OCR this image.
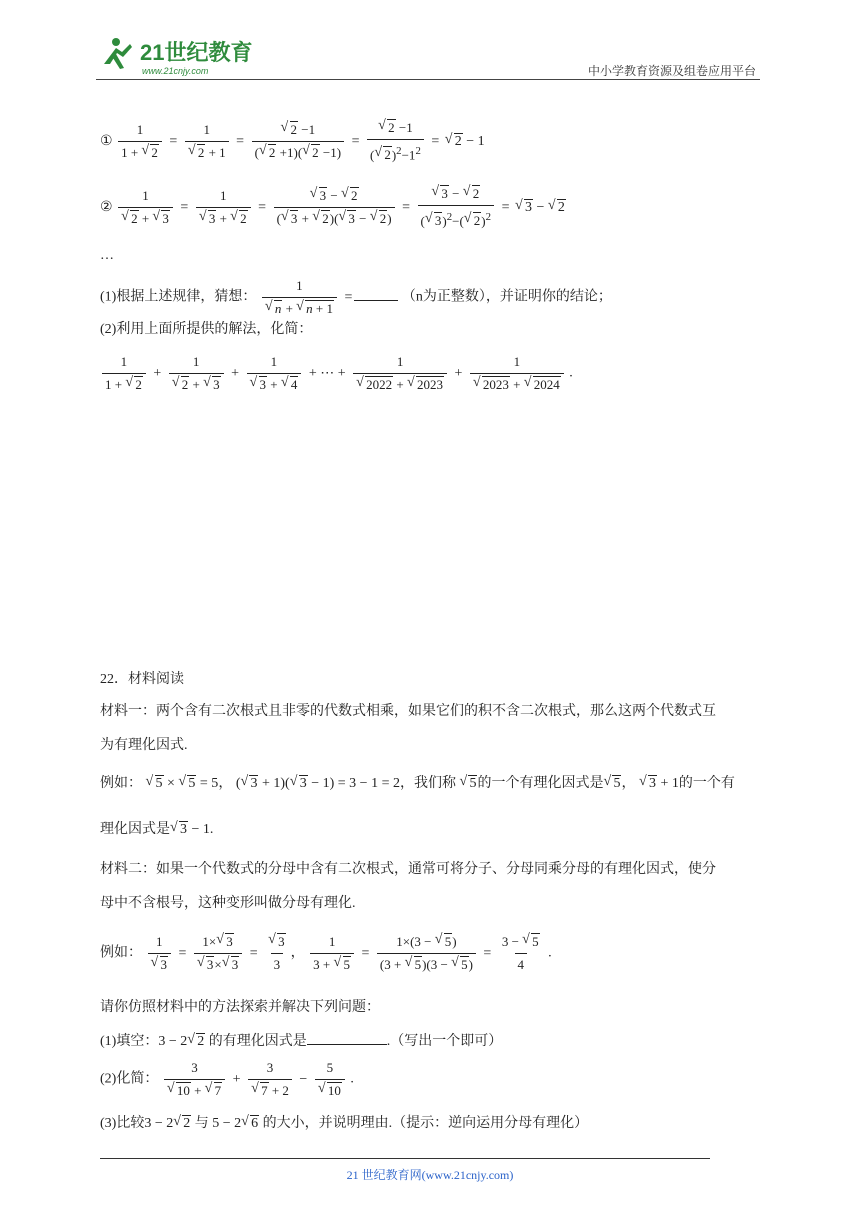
21世纪教育
www.21cnjy.com	中小学教育资源及组卷应用平台
① $\frac{1}{1 + √ 2} = 1$
√ 2 + 1 = √ $\frac{2 -1}{( √ 2 +1)( √ 2 -1)}$ = √ $\frac{2 -1}{( √ 2)^2-1^2}$ = √ 2 − 1
② 1
√ 2 + √ 3 = 1
√ 3 + √ 2 = √ $\frac{3 - √ 2}{( √ 3 + √ 2)( √ 3 - √ 2)}$ = √ $\frac{3 - √ 2}{( √ 3)^2-( √ 2)^2}$ = √ 3 − √ 2
…
(1)根据上述规律，猜想： 1
√ n + √ n + 1 =	（n为正整数），并证明你的结论；
(2)利用上面所提供的解法，化简：
$\frac{1}{1 + √ 2} + 1$
√ 2 + √ 3 + 1
√ 3 + √ 4 + ⋯ + 1
√ 2022 + √ 2023 + 1
√ 2023 + √ 2024 .
22．材料阅读
材料一：两个含有二次根式且非零的代数式相乘，如果它们的积不含二次根式，那么这两个代数式互
为有理化因式.
例如： √ 5 × √ 5 = 5， ( √ 3 + 1)( √ 3 − 1) = 3 − 1 = 2，我们称 √ 5的一个有理化因式是 √ 5， √ 3 + 1的一个有
理化因式是 √ 3 − 1.
材料二：如果一个代数式的分母中含有二次根式，通常可将分子、分母同乘分母的有理化因式，使分
母中不含根号，这种变形叫做分母有理化.
例如： 1
√ 3 = 1× √ 3
√ 3× √ 3 = √ $\frac{3}{3}$ ， $\frac{1}{3 + √ 5} = \frac{1\times(3 - √ 5)}{(3 + √ 5)(3 - √ 5)} = \frac{3 - √ 5}{4}$ .
请你仿照材料中的方法探索并解决下列问题：
(1)填空：3 − 2 √ 2 的有理化因式是	.（写出一个即可）
(2)化简： 3
√ 10 + √ 7 + 3
√ 7 + 2 − 5
√ 10 .
(3)比较3 − 2 √ 2 与 5 − 2 √ 6 的大小，并说明理由.（提示：逆向运用分母有理化）
21 世纪教育网(www.21cnjy.com)
